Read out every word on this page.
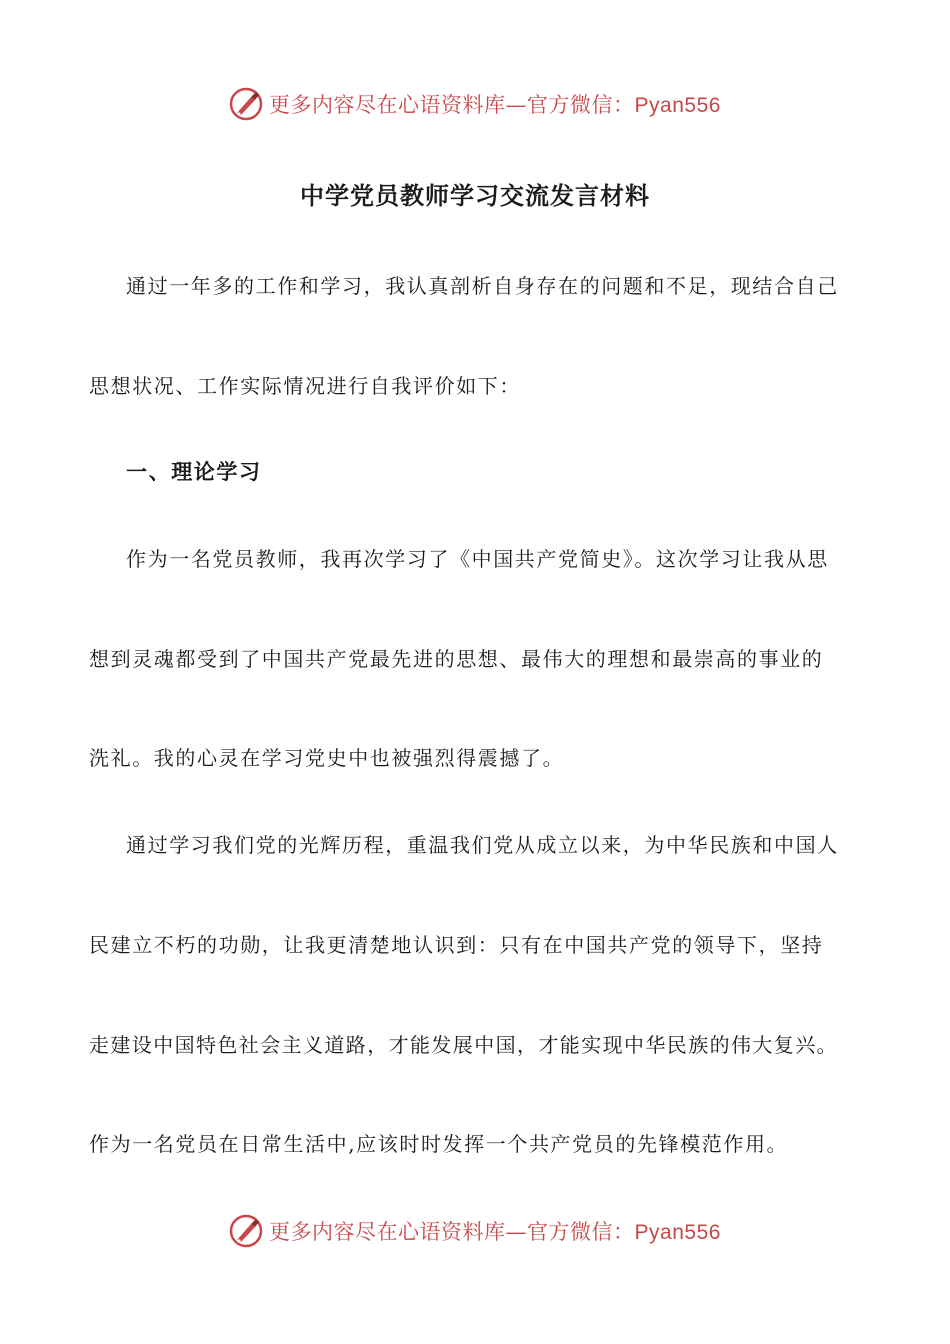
更多内容尽在心语资料库—官方微信：Pyan556
中学党员教师学习交流发言材料

通过一年多的工作和学习，我认真剖析自身存在的问题和不足，现结合自己

思想状况、工作实际情况进行自我评价如下：

一、理论学习

作为一名党员教师，我再次学习了《中国共产党简史》。这次学习让我从思

想到灵魂都受到了中国共产党最先进的思想、最伟大的理想和最崇高的事业的

洗礼。我的心灵在学习党史中也被强烈得震撼了。

通过学习我们党的光辉历程，重温我们党从成立以来，为中华民族和中国人

民建立不朽的功勋，让我更清楚地认识到：只有在中国共产党的领导下，坚持

走建设中国特色社会主义道路，才能发展中国，才能实现中华民族的伟大复兴。

作为一名党员在日常生活中,应该时时发挥一个共产党员的先锋模范作用。

更多内容尽在心语资料库—官方微信：Pyan556
